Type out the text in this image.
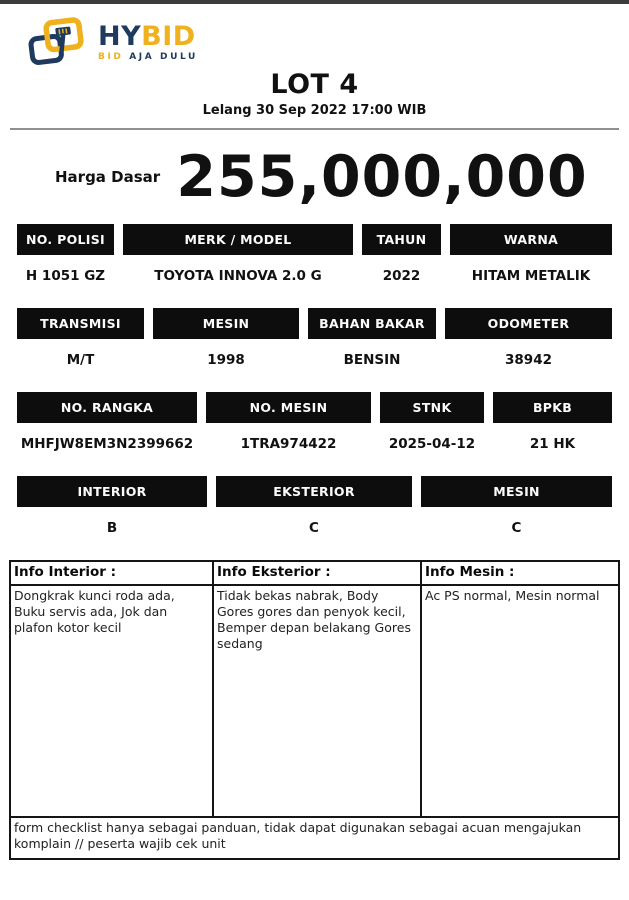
HYBID
BID AJA DULU
LOT 4
Lelang 30 Sep 2022 17:00 WIB
Harga Dasar 255,000,000
NO. POLISI
H 1051 GZ
MERK / MODEL
TOYOTA INNOVA 2.0 G
TAHUN
2022
WARNA
HITAM METALIK
TRANSMISI
M/T
MESIN
1998
BAHAN BAKAR
BENSIN
ODOMETER
38942
NO. RANGKA
MHFJW8EM3N2399662
NO. MESIN
1TRA974422
STNK
2025-04-12
BPKB
21 HK
INTERIOR
B
EKSTERIOR
C
MESIN
C
Info Interior :	Info Eksterior :	Info Mesin :
Dongkrak kunci roda ada, Buku servis ada, Jok dan plafon kotor kecil
Tidak bekas nabrak, Body Gores gores dan penyok kecil, Bemper depan belakang Gores sedang
Ac PS normal, Mesin normal
form checklist hanya sebagai panduan, tidak dapat digunakan sebagai acuan mengajukan komplain // peserta wajib cek unit
